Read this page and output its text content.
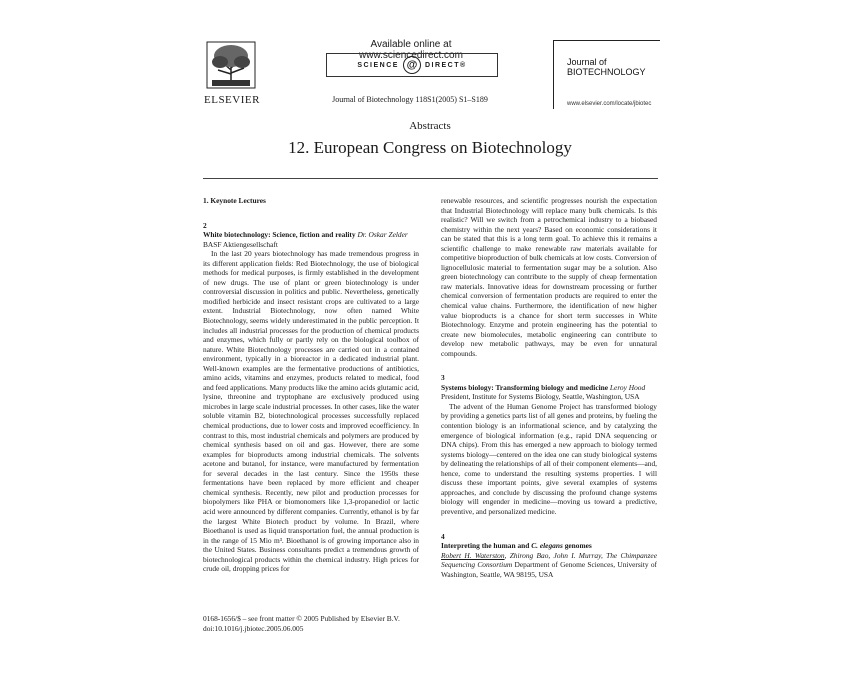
ELSEVIER
Available online at www.sciencedirect.com
SCIENCE @	DIRECT®
Journal of Biotechnology 118S1(2005) S1–S189
Journal of
BIOTECHNOLOGY
www.elsevier.com/locate/jbiotec
Abstracts
12. European Congress on Biotechnology

1. Keynote Lectures

2

White biotechnology: Science, fiction and reality Dr. Oskar Zelder

BASF Aktiengesellschaft

In the last 20 years biotechnology has made tremendous progress in its different application fields: Red Biotechnology, the use of biological methods for medical purposes, is firmly established in the development of new drugs. The use of plant or green biotechnology is under controversial discussion in politics and public. Nevertheless, genetically modified herbicide and insect resistant crops are cultivated to a large extent. Industrial Biotechnology, now often named White Biotechnology, seems widely underestimated in the public perception. It includes all industrial processes for the production of chemical products and enzymes, which fully or partly rely on the biological toolbox of nature. White Biotechnology processes are carried out in a contained environment, typically in a bioreactor in a dedicated industrial plant. Well-known examples are the fermentative productions of antibiotics, amino acids, vitamins and enzymes, products related to medical, food and feed applications. Many products like the amino acids glutamic acid, lysine, threonine and tryptophane are exclusively produced using microbes in large scale industrial processes. In other cases, like the water soluble vitamin B2, biotechnological processes successfully replaced chemical productions, due to lower costs and improved ecoefficiency. In contrast to this, most industrial chemicals and polymers are produced by chemical synthesis based on oil and gas. However, there are some examples for bioproducts among industrial chemicals. The solvents acetone and butanol, for instance, were manufactured by fermentation for several decades in the last century. Since the 1950s these fermentations have been replaced by more efficient and cheaper chemical synthesis. Recently, new pilot and production processes for biopolymers like PHA or biomonomers like 1,3-propanediol or lactic acid were announced by different companies. Currently, ethanol is by far the largest White Biotech product by volume. In Brazil, where Bioethanol is used as liquid transportation fuel, the annual production is in the range of 15 Mio m³. Bioethanol is of growing importance also in the United States. Business consultants predict a tremendous growth of biotechnological products within the chemical industry. High prices for crude oil, dropping prices for

renewable resources, and scientific progresses nourish the expectation that Industrial Biotechnology will replace many bulk chemicals. Is this realistic? Will we switch from a petrochemical industry to a biobased chemistry within the next years? Based on economic considerations it can be stated that this is a long term goal. To achieve this it remains a scientific challenge to make renewable raw materials available for competitive bioproduction of bulk chemicals at low costs. Conversion of lignocellulosic material to fermentation sugar may be a solution. Also green biotechnology can contribute to the supply of cheap fermentation raw materials. Innovative ideas for downstream processing or further chemical conversion of fermentation products are required to enter the chemical value chains. Furthermore, the identification of new higher value bioproducts is a chance for short term successes in White Biotechnology. Enzyme and protein engineering has the potential to create new biomolecules, metabolic engineering can contribute to develop new metabolic pathways, may be even for unnatural compounds.

3

Systems biology: Transforming biology and medicine Leroy Hood

President, Institute for Systems Biology, Seattle, Washington, USA

The advent of the Human Genome Project has transformed biology by providing a genetics parts list of all genes and proteins, by fueling the contention biology is an informational science, and by catalyzing the emergence of biological information (e.g., rapid DNA sequencing or DNA chips). From this has emerged a new approach to biology termed systems biology—centered on the idea one can study biological systems by delineating the relationships of all of their component elements—and, hence, come to understand the resulting systems properties. I will discuss these important points, give several examples of systems approaches, and conclude by discussing the profound change systems biology will engender in medicine—moving us toward a predictive, preventive, and personalized medicine.

4

Interpreting the human and C. elegans genomes

Robert H. Waterston, Zhirong Bao, John I. Murray, The Chimpanzee Sequencing Consortium Department of Genome Sciences, University of Washington, Seattle, WA 98195, USA

0168-1656/$ – see front matter © 2005 Published by Elsevier B.V.
doi:10.1016/j.jbiotec.2005.06.005
